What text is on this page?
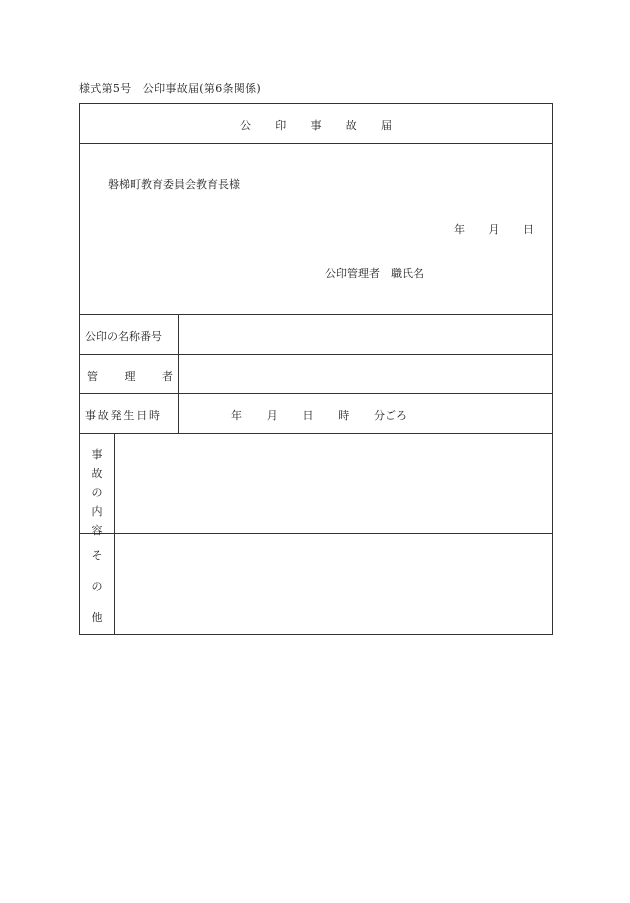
様式第5号　公印事故届(第6条関係)
公 印 事 故 届
磐梯町教育委員会教育長様
年 月 日
公印管理者　職氏名
公印の名称番号
管 理 者
事故発生日時	年 月 日 時 分ごろ
事
故
の
内
容
そ
の
他
